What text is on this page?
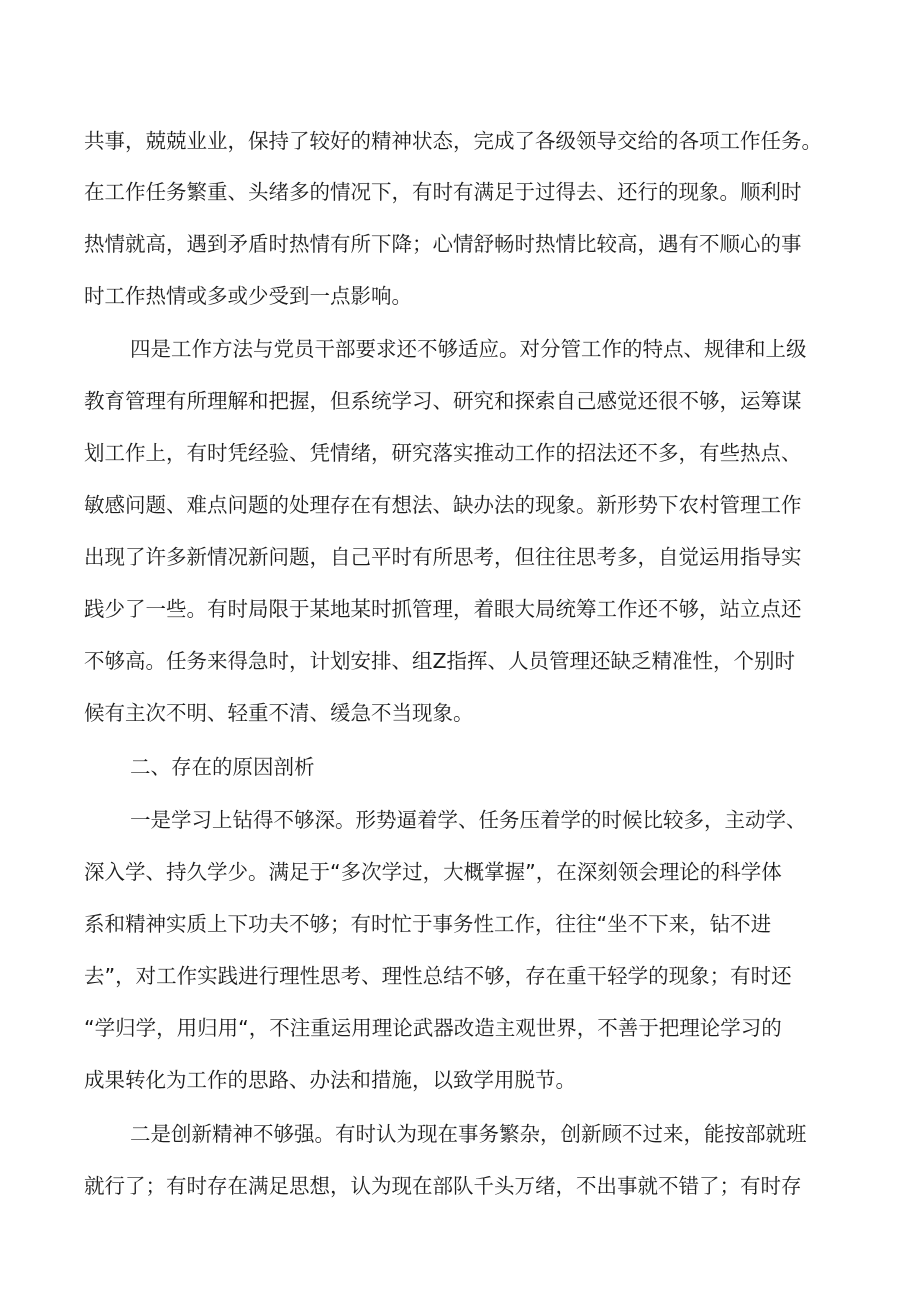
共事，兢兢业业，保持了较好的精神状态，完成了各级领导交给的各项工作任务。
在工作任务繁重、头绪多的情况下，有时有满足于过得去、还行的现象。顺利时
热情就高，遇到矛盾时热情有所下降；心情舒畅时热情比较高，遇有不顺心的事
时工作热情或多或少受到一点影响。
四是工作方法与党员干部要求还不够适应。对分管工作的特点、规律和上级
教育管理有所理解和把握，但系统学习、研究和探索自己感觉还很不够，运筹谋
划工作上，有时凭经验、凭情绪，研究落实推动工作的招法还不多，有些热点、
敏感问题、难点问题的处理存在有想法、缺办法的现象。新形势下农村管理工作
出现了许多新情况新问题，自己平时有所思考，但往往思考多，自觉运用指导实
践少了一些。有时局限于某地某时抓管理，着眼大局统筹工作还不够，站立点还
不够高。任务来得急时，计划安排、组Z指挥、人员管理还缺乏精准性，个别时
候有主次不明、轻重不清、缓急不当现象。
二、存在的原因剖析
一是学习上钻得不够深。形势逼着学、任务压着学的时候比较多，主动学、
深入学、持久学少。满足于“多次学过，大概掌握”，在深刻领会理论的科学体
系和精神实质上下功夫不够；有时忙于事务性工作，往往“坐不下来，钻不进
去”，对工作实践进行理性思考、理性总结不够，存在重干轻学的现象；有时还
“学归学，用归用“，不注重运用理论武器改造主观世界，不善于把理论学习的
成果转化为工作的思路、办法和措施，以致学用脱节。
二是创新精神不够强。有时认为现在事务繁杂，创新顾不过来，能按部就班
就行了；有时存在满足思想，认为现在部队千头万绪，不出事就不错了；有时存
